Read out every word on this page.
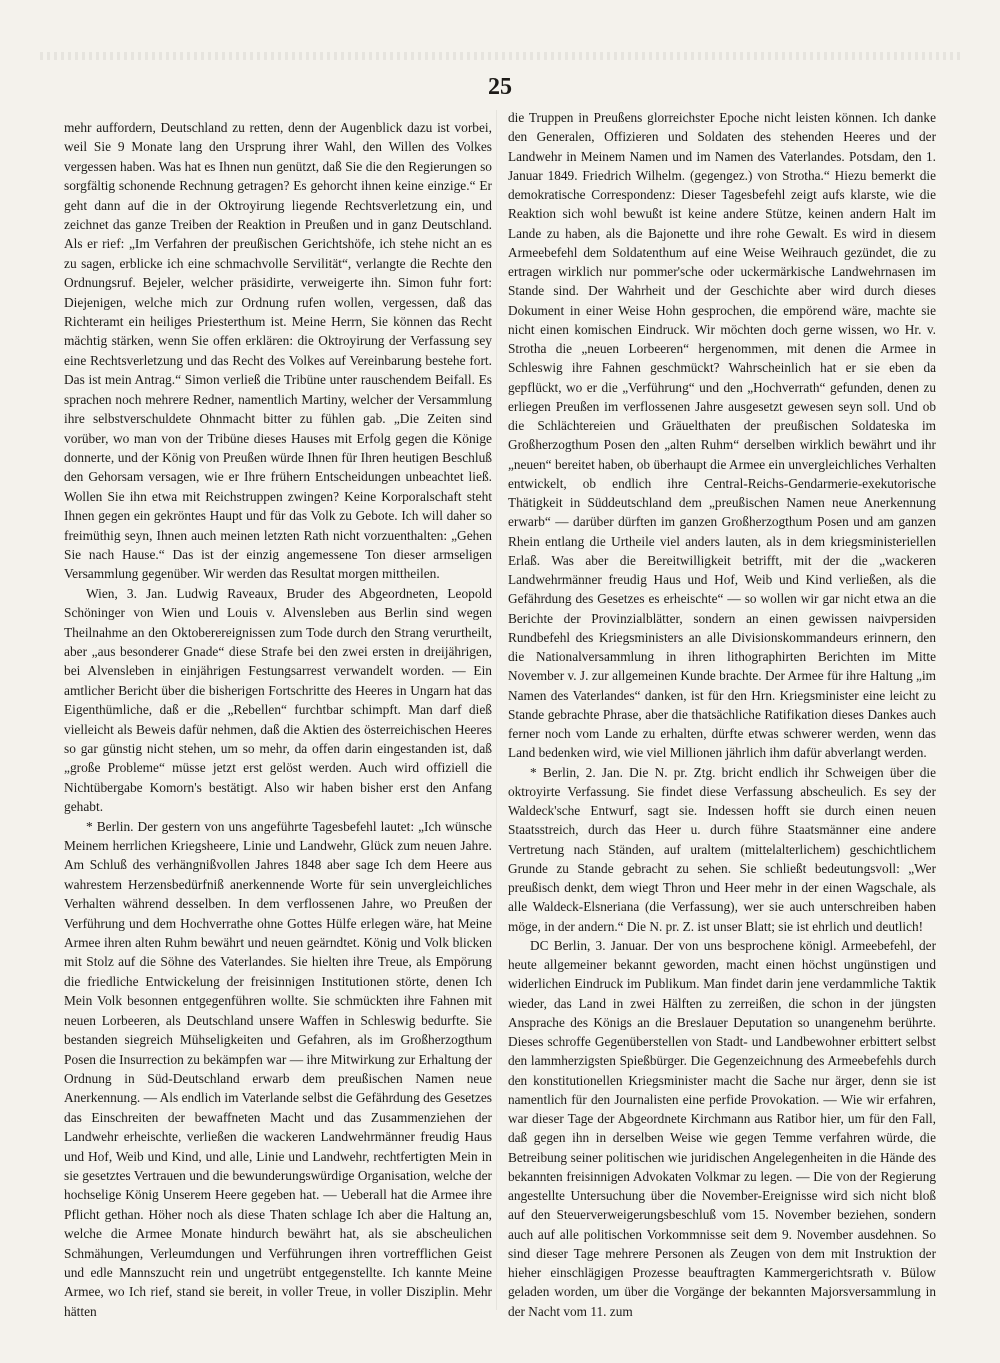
25

mehr auffordern, Deutschland zu retten, denn der Augenblick dazu ist vorbei, weil Sie 9 Monate lang den Ursprung ihrer Wahl, den Willen des Volkes vergessen haben. Was hat es Ihnen nun genützt, daß Sie die den Regierungen so sorgfältig schonende Rechnung getragen? Es gehorcht ihnen keine einzige.“ Er geht dann auf die in der Oktroyirung liegende Rechtsverletzung ein, und zeichnet das ganze Treiben der Reaktion in Preußen und in ganz Deutschland. Als er rief: „Im Verfahren der preußischen Gerichtshöfe, ich stehe nicht an es zu sagen, erblicke ich eine schmachvolle Servilität“, verlangte die Rechte den Ordnungsruf. Bejeler, welcher präsidirte, verweigerte ihn. Simon fuhr fort: Diejenigen, welche mich zur Ordnung rufen wollen, vergessen, daß das Richteramt ein heiliges Priesterthum ist. Meine Herrn, Sie können das Recht mächtig stärken, wenn Sie offen erklären: die Oktroyirung der Verfassung sey eine Rechtsverletzung und das Recht des Volkes auf Vereinbarung bestehe fort. Das ist mein Antrag.“ Simon verließ die Tribüne unter rauschendem Beifall. Es sprachen noch mehrere Redner, namentlich Martiny, welcher der Versammlung ihre selbstverschuldete Ohnmacht bitter zu fühlen gab. „Die Zeiten sind vorüber, wo man von der Tribüne dieses Hauses mit Erfolg gegen die Könige donnerte, und der König von Preußen würde Ihnen für Ihren heutigen Beschluß den Gehorsam versagen, wie er Ihre frühern Entscheidungen unbeachtet ließ. Wollen Sie ihn etwa mit Reichstruppen zwingen? Keine Korporalschaft steht Ihnen gegen ein gekröntes Haupt und für das Volk zu Gebote. Ich will daher so freimüthig seyn, Ihnen auch meinen letzten Rath nicht vorzuenthalten: „Gehen Sie nach Hause.“ Das ist der einzig angemessene Ton dieser armseligen Versammlung gegenüber. Wir werden das Resultat morgen mittheilen.

Wien, 3. Jan. Ludwig Raveaux, Bruder des Abgeordneten, Leopold Schöninger von Wien und Louis v. Alvensleben aus Berlin sind wegen Theilnahme an den Oktoberereignissen zum Tode durch den Strang verurtheilt, aber „aus besonderer Gnade“ diese Strafe bei den zwei ersten in dreijährigen, bei Alvensleben in einjährigen Festungsarrest verwandelt worden. — Ein amtlicher Bericht über die bisherigen Fortschritte des Heeres in Ungarn hat das Eigenthümliche, daß er die „Rebellen“ furchtbar schimpft. Man darf dieß vielleicht als Beweis dafür nehmen, daß die Aktien des österreichischen Heeres so gar günstig nicht stehen, um so mehr, da offen darin eingestanden ist, daß „große Probleme“ müsse jetzt erst gelöst werden. Auch wird offiziell die Nichtübergabe Komorn's bestätigt. Also wir haben bisher erst den Anfang gehabt.

* Berlin. Der gestern von uns angeführte Tagesbefehl lautet: „Ich wünsche Meinem herrlichen Kriegsheere, Linie und Landwehr, Glück zum neuen Jahre. Am Schluß des verhängnißvollen Jahres 1848 aber sage Ich dem Heere aus wahrestem Herzensbedürfniß anerkennende Worte für sein unvergleichliches Verhalten während desselben. In dem verflossenen Jahre, wo Preußen der Verführung und dem Hochverrathe ohne Gottes Hülfe erlegen wäre, hat Meine Armee ihren alten Ruhm bewährt und neuen geärndtet. König und Volk blicken mit Stolz auf die Söhne des Vaterlandes. Sie hielten ihre Treue, als Empörung die friedliche Entwickelung der freisinnigen Institutionen störte, denen Ich Mein Volk besonnen entgegenführen wollte. Sie schmückten ihre Fahnen mit neuen Lorbeeren, als Deutschland unsere Waffen in Schleswig bedurfte. Sie bestanden siegreich Mühseligkeiten und Gefahren, als im Großherzogthum Posen die Insurrection zu bekämpfen war — ihre Mitwirkung zur Erhaltung der Ordnung in Süd-Deutschland erwarb dem preußischen Namen neue Anerkennung. — Als endlich im Vaterlande selbst die Gefährdung des Gesetzes das Einschreiten der bewaffneten Macht und das Zusammenziehen der Landwehr erheischte, verließen die wackeren Landwehrmänner freudig Haus und Hof, Weib und Kind, und alle, Linie und Landwehr, rechtfertigten Mein in sie gesetztes Vertrauen und die bewunderungswürdige Organisation, welche der hochselige König Unserem Heere gegeben hat. — Ueberall hat die Armee ihre Pflicht gethan. Höher noch als diese Thaten schlage Ich aber die Haltung an, welche die Armee Monate hindurch bewährt hat, als sie abscheulichen Schmähungen, Verleumdungen und Verführungen ihren vortrefflichen Geist und edle Mannszucht rein und ungetrübt entgegenstellte. Ich kannte Meine Armee, wo Ich rief, stand sie bereit, in voller Treue, in voller Disziplin. Mehr hätten

die Truppen in Preußens glorreichster Epoche nicht leisten können. Ich danke den Generalen, Offizieren und Soldaten des stehenden Heeres und der Landwehr in Meinem Namen und im Namen des Vaterlandes. Potsdam, den 1. Januar 1849. Friedrich Wilhelm. (gegengez.) von Strotha.“ Hiezu bemerkt die demokratische Correspondenz: Dieser Tagesbefehl zeigt aufs klarste, wie die Reaktion sich wohl bewußt ist keine andere Stütze, keinen andern Halt im Lande zu haben, als die Bajonette und ihre rohe Gewalt. Es wird in diesem Armeebefehl dem Soldatenthum auf eine Weise Weihrauch gezündet, die zu ertragen wirklich nur pommer'sche oder uckermärkische Landwehrnasen im Stande sind. Der Wahrheit und der Geschichte aber wird durch dieses Dokument in einer Weise Hohn gesprochen, die empörend wäre, machte sie nicht einen komischen Eindruck. Wir möchten doch gerne wissen, wo Hr. v. Strotha die „neuen Lorbeeren“ hergenommen, mit denen die Armee in Schleswig ihre Fahnen geschmückt? Wahrscheinlich hat er sie eben da gepflückt, wo er die „Verführung“ und den „Hochverrath“ gefunden, denen zu erliegen Preußen im verflossenen Jahre ausgesetzt gewesen seyn soll. Und ob die Schlächtereien und Gräuelthaten der preußischen Soldateska im Großherzogthum Posen den „alten Ruhm“ derselben wirklich bewährt und ihr „neuen“ bereitet haben, ob überhaupt die Armee ein unvergleichliches Verhalten entwickelt, ob endlich ihre Central-Reichs-Gendarmerie-exekutorische Thätigkeit in Süddeutschland dem „preußischen Namen neue Anerkennung erwarb“ — darüber dürften im ganzen Großherzogthum Posen und am ganzen Rhein entlang die Urtheile viel anders lauten, als in dem kriegsministeriellen Erlaß. Was aber die Bereitwilligkeit betrifft, mit der die „wackeren Landwehrmänner freudig Haus und Hof, Weib und Kind verließen, als die Gefährdung des Gesetzes es erheischte“ — so wollen wir gar nicht etwa an die Berichte der Provinzialblätter, sondern an einen gewissen naivpersiden Rundbefehl des Kriegsministers an alle Divisionskommandeurs erinnern, den die Nationalversammlung in ihren lithographirten Berichten im Mitte November v. J. zur allgemeinen Kunde brachte. Der Armee für ihre Haltung „im Namen des Vaterlandes“ danken, ist für den Hrn. Kriegsminister eine leicht zu Stande gebrachte Phrase, aber die thatsächliche Ratifikation dieses Dankes auch ferner noch vom Lande zu erhalten, dürfte etwas schwerer werden, wenn das Land bedenken wird, wie viel Millionen jährlich ihm dafür abverlangt werden.

* Berlin, 2. Jan. Die N. pr. Ztg. bricht endlich ihr Schweigen über die oktroyirte Verfassung. Sie findet diese Verfassung abscheulich. Es sey der Waldeck'sche Entwurf, sagt sie. Indessen hofft sie durch einen neuen Staatsstreich, durch das Heer u. durch führe Staatsmänner eine andere Vertretung nach Ständen, auf uraltem (mittelalterlichem) geschichtlichem Grunde zu Stande gebracht zu sehen. Sie schließt bedeutungsvoll: „Wer preußisch denkt, dem wiegt Thron und Heer mehr in der einen Wagschale, als alle Waldeck-Elsneriana (die Verfassung), wer sie auch unterschreiben haben möge, in der andern.“ Die N. pr. Z. ist unser Blatt; sie ist ehrlich und deutlich!

DC Berlin, 3. Januar. Der von uns besprochene königl. Armeebefehl, der heute allgemeiner bekannt geworden, macht einen höchst ungünstigen und widerlichen Eindruck im Publikum. Man findet darin jene verdammliche Taktik wieder, das Land in zwei Hälften zu zerreißen, die schon in der jüngsten Ansprache des Königs an die Breslauer Deputation so unangenehm berührte. Dieses schroffe Gegenüberstellen von Stadt- und Landbewohner erbittert selbst den lammherzigsten Spießbürger. Die Gegenzeichnung des Armeebefehls durch den konstitutionellen Kriegsminister macht die Sache nur ärger, denn sie ist namentlich für den Journalisten eine perfide Provokation. — Wie wir erfahren, war dieser Tage der Abgeordnete Kirchmann aus Ratibor hier, um für den Fall, daß gegen ihn in derselben Weise wie gegen Temme verfahren würde, die Betreibung seiner politischen wie juridischen Angelegenheiten in die Hände des bekannten freisinnigen Advokaten Volkmar zu legen. — Die von der Regierung angestellte Untersuchung über die November-Ereignisse wird sich nicht bloß auf den Steuerverweigerungsbeschluß vom 15. November beziehen, sondern auch auf alle politischen Vorkommnisse seit dem 9. November ausdehnen. So sind dieser Tage mehrere Personen als Zeugen von dem mit Instruktion der hieher einschlägigen Prozesse beauftragten Kammergerichtsrath v. Bülow geladen worden, um über die Vorgänge der bekannten Majorsversammlung in der Nacht vom 11. zum
